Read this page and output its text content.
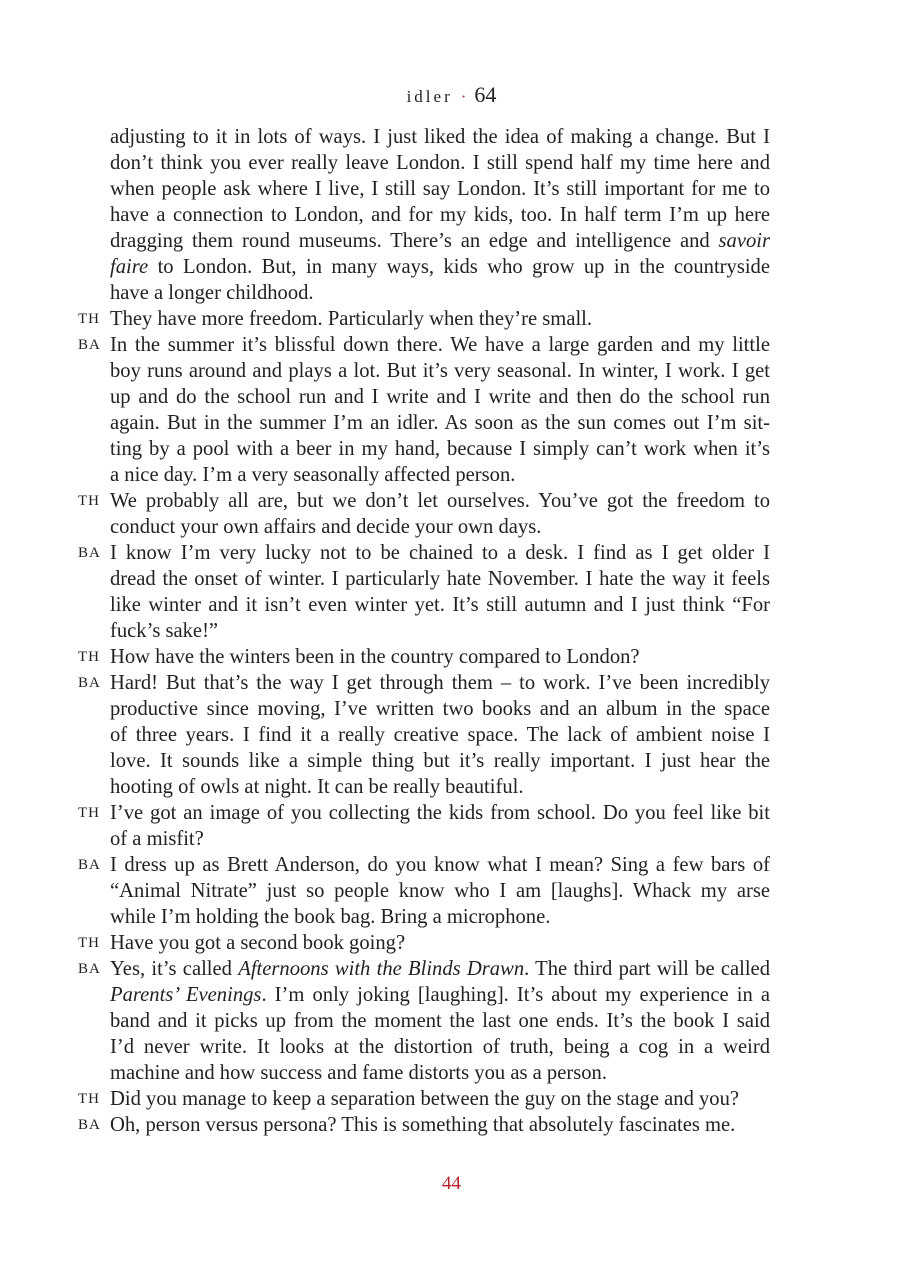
idler · 64
adjusting to it in lots of ways. I just liked the idea of making a change. But I
don’t think you ever really leave London. I still spend half my time here and
when people ask where I live, I still say London. It’s still important for me to
have a connection to London, and for my kids, too. In half term I’m up here
dragging them round museums. There’s an edge and intelligence and savoir
faire to London. But, in many ways, kids who grow up in the countryside
have a longer childhood.
TH They have more freedom. Particularly when they’re small.
BA In the summer it’s blissful down there. We have a large garden and my little
boy runs around and plays a lot. But it’s very seasonal. In winter, I work. I get
up and do the school run and I write and I write and then do the school run
again. But in the summer I’m an idler. As soon as the sun comes out I’m sit-
ting by a pool with a beer in my hand, because I simply can’t work when it’s
a nice day. I’m a very seasonally affected person.
TH We probably all are, but we don’t let ourselves. You’ve got the freedom to
conduct your own affairs and decide your own days.
BA I know I’m very lucky not to be chained to a desk. I find as I get older I
dread the onset of winter. I particularly hate November. I hate the way it feels
like winter and it isn’t even winter yet. It’s still autumn and I just think “For
fuck’s sake!”
TH How have the winters been in the country compared to London?
BA Hard! But that’s the way I get through them – to work. I’ve been incredibly
productive since moving, I’ve written two books and an album in the space
of three years. I find it a really creative space. The lack of ambient noise I
love. It sounds like a simple thing but it’s really important. I just hear the
hooting of owls at night. It can be really beautiful.
TH I’ve got an image of you collecting the kids from school. Do you feel like bit
of a misfit?
BA I dress up as Brett Anderson, do you know what I mean? Sing a few bars of
“Animal Nitrate” just so people know who I am [laughs]. Whack my arse
while I’m holding the book bag. Bring a microphone.
TH Have you got a second book going?
BA Yes, it’s called Afternoons with the Blinds Drawn. The third part will be called
Parents’ Evenings. I’m only joking [laughing]. It’s about my experience in a
band and it picks up from the moment the last one ends. It’s the book I said
I’d never write. It looks at the distortion of truth, being a cog in a weird
machine and how success and fame distorts you as a person.
TH Did you manage to keep a separation between the guy on the stage and you?
BA Oh, person versus persona? This is something that absolutely fascinates me.
44
